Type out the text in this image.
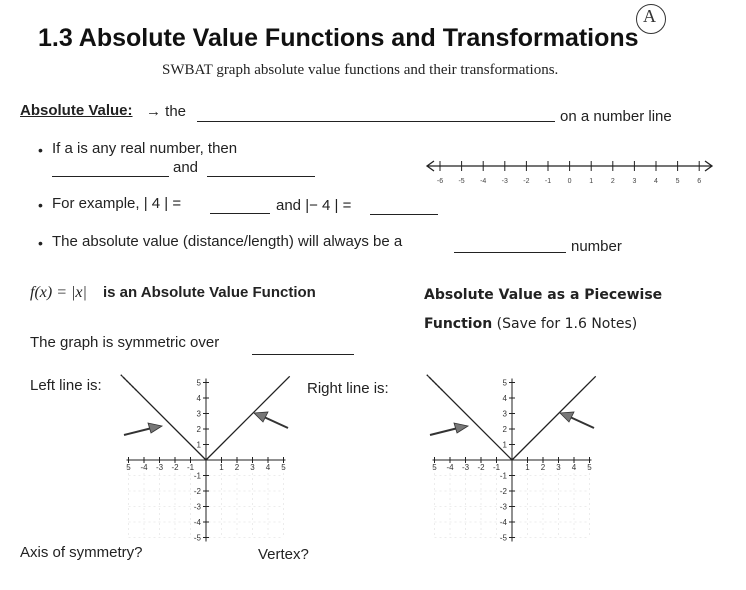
A
1.3 Absolute Value Functions and Transformations
SWBAT graph absolute value functions and their transformations.
Absolute Value: → the	on a number line
• If a is any real number, then
and
-6 -5 -4 -3 -2 -1 0	1	2	3	4	5	6
• For example, | 4 | =	and |− 4 | =
• The absolute value (distance/length) will always be a	number
f(x) = |x| is an Absolute Value Function
The graph is symmetric over
Absolute Value as a Piecewise
Function (Save for 1.6 Notes)
Left line is:	Right line is:
5 -4 -3 -2 -1	1 2 3 4 5
5
4
3
2
1
-1
-2
-3
-4
-5
5 -4 -3 -2 -1	1 2 3 4 5
5
4
3
2
1
-1
-2
-3
-4
-5
Axis of symmetry?	Vertex?
